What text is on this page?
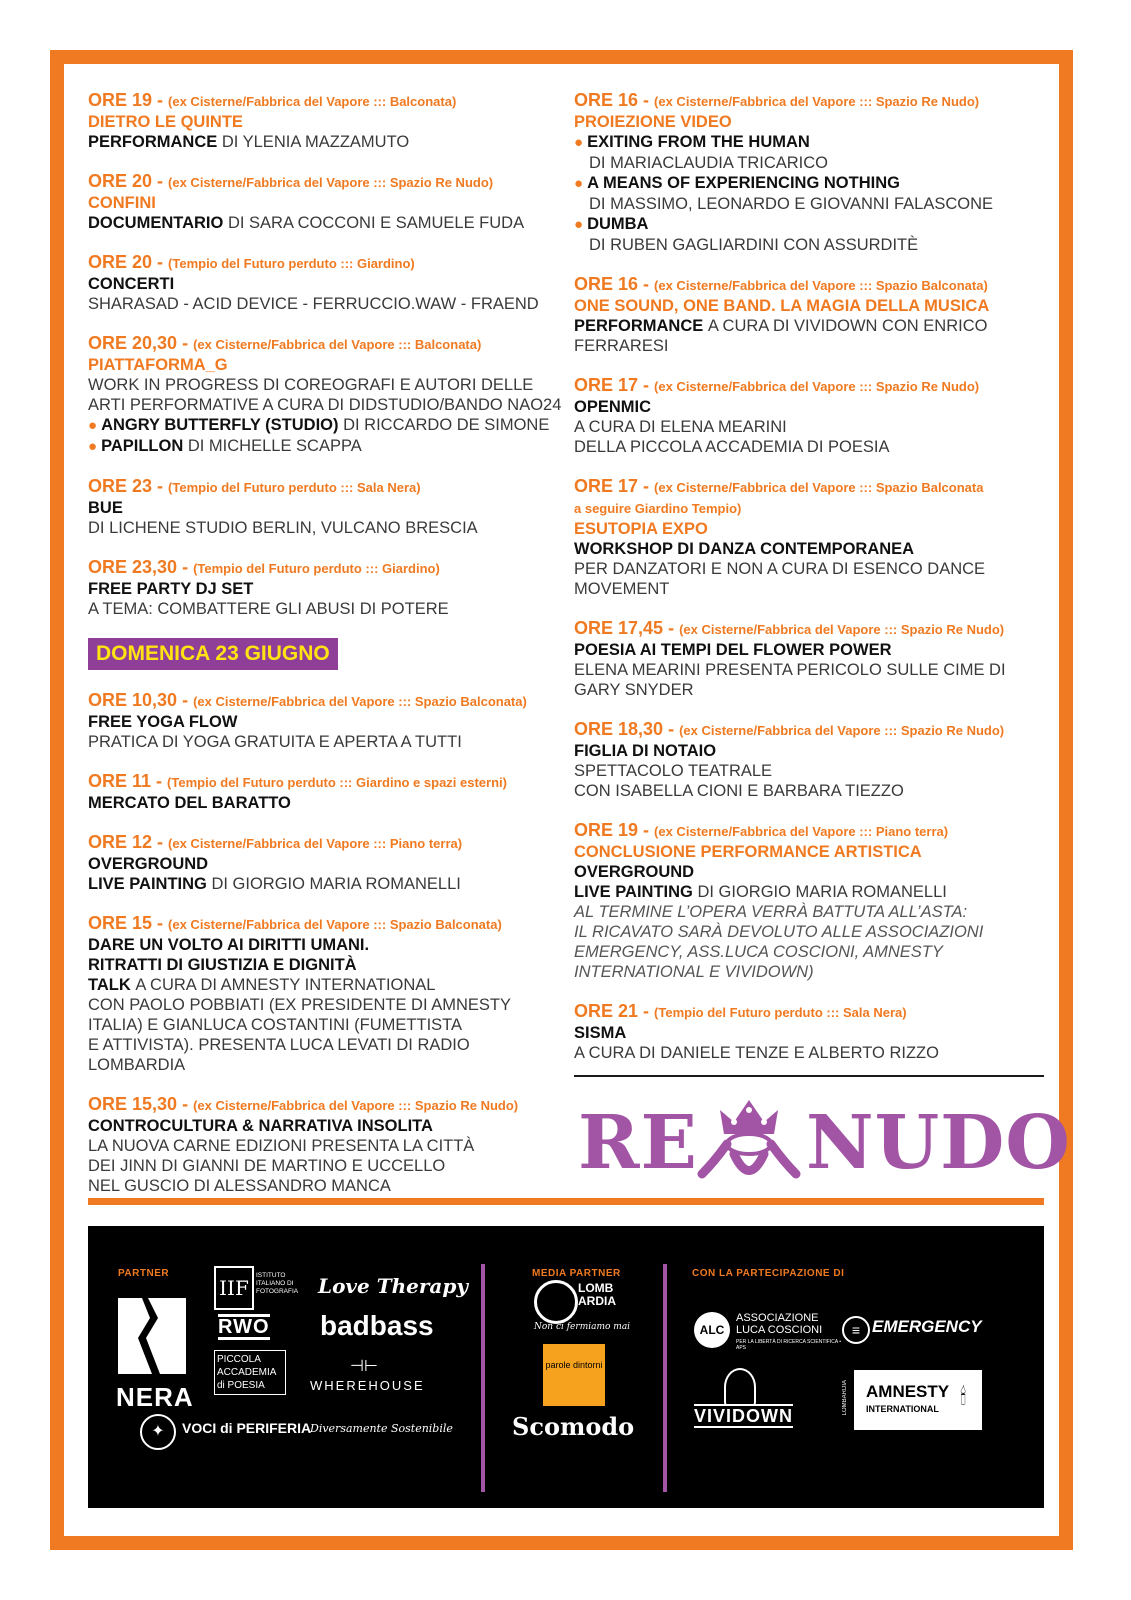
ORE 19 - (ex Cisterne/Fabbrica del Vapore ::: Balconata)
DIETRO LE QUINTE
PERFORMANCE DI YLENIA MAZZAMUTO
ORE 20 - (ex Cisterne/Fabbrica del Vapore ::: Spazio Re Nudo)
CONFINI
DOCUMENTARIO DI SARA COCCONI E SAMUELE FUDA
ORE 20 - (Tempio del Futuro perduto ::: Giardino)
CONCERTI
SHARASAD - ACID DEVICE - FERRUCCIO.WAW - FRAEND
ORE 20,30 - (ex Cisterne/Fabbrica del Vapore ::: Balconata)
PIATTAFORMA_G
WORK IN PROGRESS DI COREOGRAFI E AUTORI DELLE
ARTI PERFORMATIVE A CURA DI DIDSTUDIO/BANDO NAO24
● ANGRY BUTTERFLY (STUDIO) DI RICCARDO DE SIMONE
● PAPILLON DI MICHELLE SCAPPA
ORE 23 - (Tempio del Futuro perduto ::: Sala Nera)
BUE
DI LICHENE STUDIO BERLIN, VULCANO BRESCIA
ORE 23,30 - (Tempio del Futuro perduto ::: Giardino)
FREE PARTY DJ SET
A TEMA: COMBATTERE GLI ABUSI DI POTERE
DOMENICA 23 GIUGNO
ORE 10,30 - (ex Cisterne/Fabbrica del Vapore ::: Spazio Balconata)
FREE YOGA FLOW
PRATICA DI YOGA GRATUITA E APERTA A TUTTI
ORE 11 - (Tempio del Futuro perduto ::: Giardino e spazi esterni)
MERCATO DEL BARATTO
ORE 12 - (ex Cisterne/Fabbrica del Vapore ::: Piano terra)
OVERGROUND
LIVE PAINTING DI GIORGIO MARIA ROMANELLI
ORE 15 - (ex Cisterne/Fabbrica del Vapore ::: Spazio Balconata)
DARE UN VOLTO AI DIRITTI UMANI.
RITRATTI DI GIUSTIZIA E DIGNITÀ
TALK A CURA DI AMNESTY INTERNATIONAL
CON PAOLO POBBIATI (EX PRESIDENTE DI AMNESTY
ITALIA) E GIANLUCA COSTANTINI (FUMETTISTA
E ATTIVISTA). PRESENTA LUCA LEVATI DI RADIO
LOMBARDIA
ORE 15,30 - (ex Cisterne/Fabbrica del Vapore ::: Spazio Re Nudo)
CONTROCULTURA & NARRATIVA INSOLITA
LA NUOVA CARNE EDIZIONI PRESENTA LA CITTÀ
DEI JINN DI GIANNI DE MARTINO E UCCELLO
NEL GUSCIO DI ALESSANDRO MANCA
ORE 16 - (ex Cisterne/Fabbrica del Vapore ::: Spazio Re Nudo)
PROIEZIONE VIDEO
● EXITING FROM THE HUMAN
DI MARIACLAUDIA TRICARICO
● A MEANS OF EXPERIENCING NOTHING
DI MASSIMO, LEONARDO E GIOVANNI FALASCONE
● DUMBA
DI RUBEN GAGLIARDINI CON ASSURDITÈ
ORE 16 - (ex Cisterne/Fabbrica del Vapore ::: Spazio Balconata)
ONE SOUND, ONE BAND. LA MAGIA DELLA MUSICA
PERFORMANCE A CURA DI VIVIDOWN CON ENRICO
FERRARESI
ORE 17 - (ex Cisterne/Fabbrica del Vapore ::: Spazio Re Nudo)
OPENMIC
A CURA DI ELENA MEARINI
DELLA PICCOLA ACCADEMIA DI POESIA
ORE 17 - (ex Cisterne/Fabbrica del Vapore ::: Spazio Balconata
a seguire Giardino Tempio)
ESUTOPIA EXPO
WORKSHOP DI DANZA CONTEMPORANEA
PER DANZATORI E NON A CURA DI ESENCO DANCE
MOVEMENT
ORE 17,45 - (ex Cisterne/Fabbrica del Vapore ::: Spazio Re Nudo)
POESIA AI TEMPI DEL FLOWER POWER
ELENA MEARINI PRESENTA PERICOLO SULLE CIME DI
GARY SNYDER
ORE 18,30 - (ex Cisterne/Fabbrica del Vapore ::: Spazio Re Nudo)
FIGLIA DI NOTAIO
SPETTACOLO TEATRALE
CON ISABELLA CIONI E BARBARA TIEZZO
ORE 19 - (ex Cisterne/Fabbrica del Vapore ::: Piano terra)
CONCLUSIONE PERFORMANCE ARTISTICA
OVERGROUND
LIVE PAINTING DI GIORGIO MARIA ROMANELLI
AL TERMINE L’OPERA VERRÀ BATTUTA ALL’ASTA:
IL RICAVATO SARÀ DEVOLUTO ALLE ASSOCIAZIONI
EMERGENCY, ASS.LUCA COSCIONI, AMNESTY
INTERNATIONAL E VIVIDOWN)
ORE 21 - (Tempio del Futuro perduto ::: Sala Nera)
SISMA
A CURA DI DANIELE TENZE E ALBERTO RIZZO
RE NUDO
PARTNER	MEDIA PARTNER	CON LA PARTECIPAZIONE DI
NERA
IIF
ISTITUTO ITALIANO DI FOTOGRAFIA Love Therapy
RWO badbass
PICCOLA ACCADEMIA di POESIA
⊣⊢
WHEREHOUSE
✦	VOCI di PERIFERIA
Diversamente Sostenibile
LOMBARDIA
Non ci fermiamo mai
parole dintorni
Scomodo
ALC
ASSOCIAZIONE LUCA COSCIONI
PER LA LIBERTÀ DI RICERCA SCIENTIFICA • APS
≡ EMERGENCY
VIVIDOWN
AMNESTY
INTERNATIONAL 🕯
LOMBARDIA
